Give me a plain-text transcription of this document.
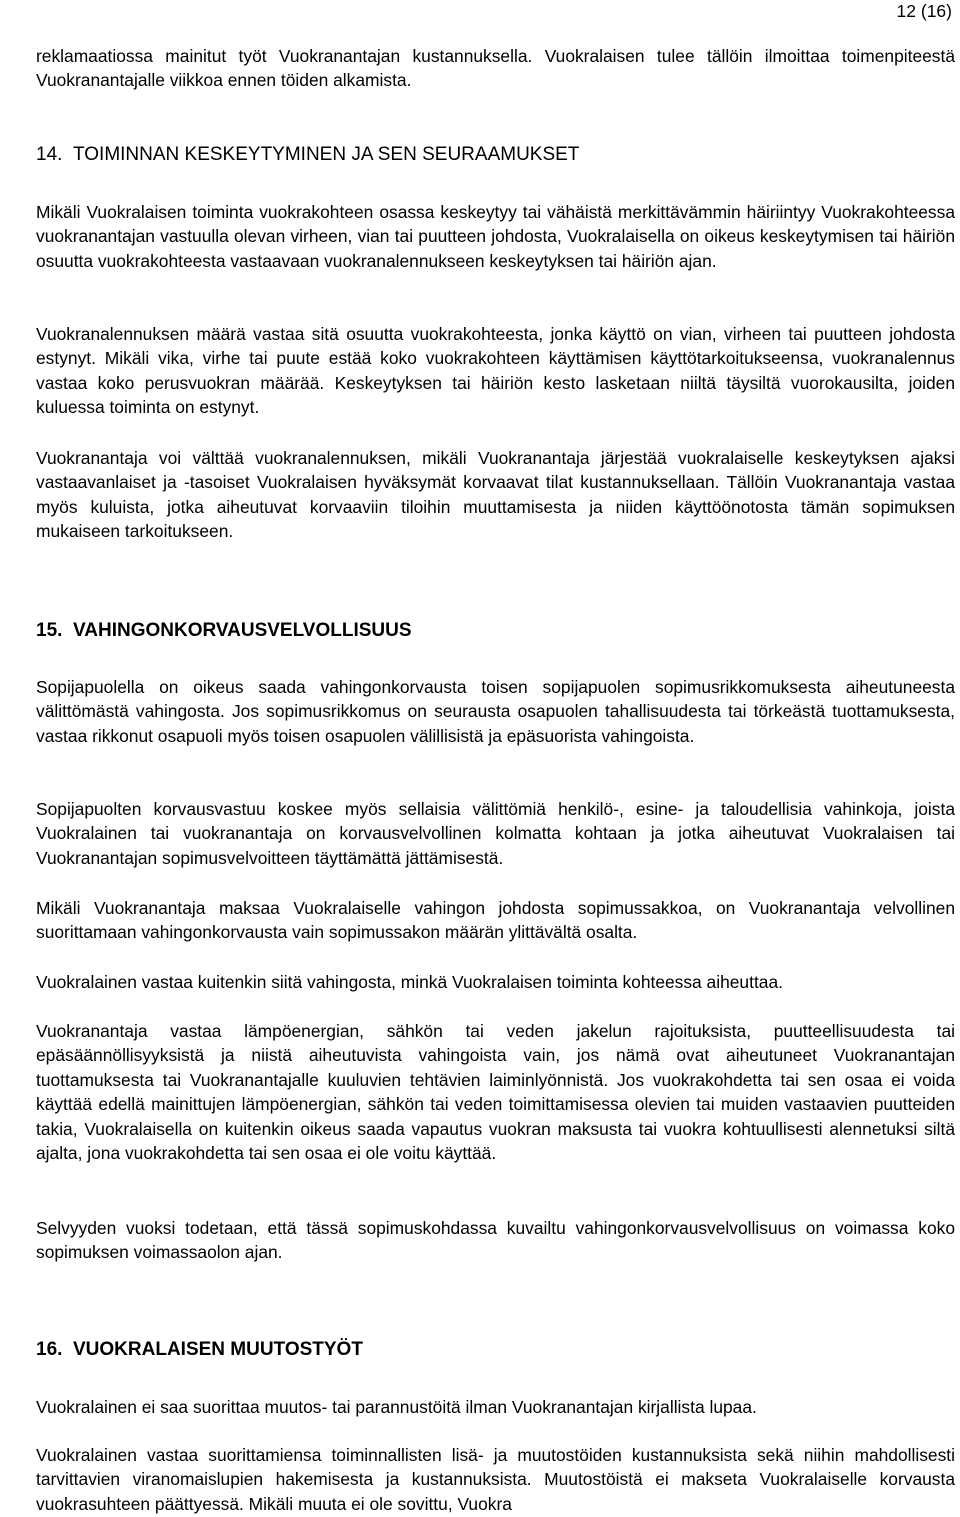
12 (16)

reklamaatiossa mainitut työt Vuokranantajan kustannuksella. Vuokralaisen tulee tällöin ilmoittaa toimenpiteestä Vuokranantajalle viikkoa ennen töiden alkamista.

14. TOIMINNAN KESKEYTYMINEN JA SEN SEURAAMUKSET

Mikäli Vuokralaisen toiminta vuokrakohteen osassa keskeytyy tai vähäistä merkittävämmin häiriintyy Vuokrakohteessa vuokranantajan vastuulla olevan virheen, vian tai puutteen johdosta, Vuokralaisella on oikeus keskeytymisen tai häiriön osuutta vuokrakohteesta vastaavaan vuokranalennukseen keskeytyksen tai häiriön ajan.

Vuokranalennuksen määrä vastaa sitä osuutta vuokrakohteesta, jonka käyttö on vian, virheen tai puutteen johdosta estynyt. Mikäli vika, virhe tai puute estää koko vuokrakohteen käyttämisen käyttötarkoitukseensa, vuokranalennus vastaa koko perusvuokran määrää. Keskeytyksen tai häiriön kesto lasketaan niiltä täysiltä vuorokausilta, joiden kuluessa toiminta on estynyt.

Vuokranantaja voi välttää vuokranalennuksen, mikäli Vuokranantaja järjestää vuokralaiselle keskeytyksen ajaksi vastaavanlaiset ja -tasoiset Vuokralaisen hyväksymät korvaavat tilat kustannuksellaan. Tällöin Vuokranantaja vastaa myös kuluista, jotka aiheutuvat korvaaviin tiloihin muuttamisesta ja niiden käyttöönotosta tämän sopimuksen mukaiseen tarkoitukseen.

15. VAHINGONKORVAUSVELVOLLISUUS

Sopijapuolella on oikeus saada vahingonkorvausta toisen sopijapuolen sopimusrikkomuksesta aiheutuneesta välittömästä vahingosta. Jos sopimusrikkomus on seurausta osapuolen tahallisuudesta tai törkeästä tuottamuksesta, vastaa rikkonut osapuoli myös toisen osapuolen välillisistä ja epäsuorista vahingoista.

Sopijapuolten korvausvastuu koskee myös sellaisia välittömiä henkilö-, esine- ja taloudellisia vahinkoja, joista Vuokralainen tai vuokranantaja on korvausvelvollinen kolmatta kohtaan ja jotka aiheutuvat Vuokralaisen tai Vuokranantajan sopimusvelvoitteen täyttämättä jättämisestä.

Mikäli Vuokranantaja maksaa Vuokralaiselle vahingon johdosta sopimussakkoa, on Vuokranantaja velvollinen suorittamaan vahingonkorvausta vain sopimussakon määrän ylittävältä osalta.

Vuokralainen vastaa kuitenkin siitä vahingosta, minkä Vuokralaisen toiminta kohteessa aiheuttaa.

Vuokranantaja vastaa lämpöenergian, sähkön tai veden jakelun rajoituksista, puutteellisuudesta tai epäsäännöllisyyksistä ja niistä aiheutuvista vahingoista vain, jos nämä ovat aiheutuneet Vuokranantajan tuottamuksesta tai Vuokranantajalle kuuluvien tehtävien laiminlyönnistä. Jos vuokrakohdetta tai sen osaa ei voida käyttää edellä mainittujen lämpöenergian, sähkön tai veden toimittamisessa olevien tai muiden vastaavien puutteiden takia, Vuokralaisella on kuitenkin oikeus saada vapautus vuokran maksusta tai vuokra kohtuullisesti alennetuksi siltä ajalta, jona vuokrakohdetta tai sen osaa ei ole voitu käyttää.

Selvyyden vuoksi todetaan, että tässä sopimuskohdassa kuvailtu vahingonkorvausvelvollisuus on voimassa koko sopimuksen voimassaolon ajan.

16. VUOKRALAISEN MUUTOSTYÖT

Vuokralainen ei saa suorittaa muutos- tai parannustöitä ilman Vuokranantajan kirjallista lupaa.

Vuokralainen vastaa suorittamiensa toiminnallisten lisä- ja muutostöiden kustannuksista sekä niihin mahdollisesti tarvittavien viranomaislupien hakemisesta ja kustannuksista. Muutostöistä ei makseta Vuokralaiselle korvausta vuokrasuhteen päättyessä. Mikäli muuta ei ole sovittu, Vuokra
